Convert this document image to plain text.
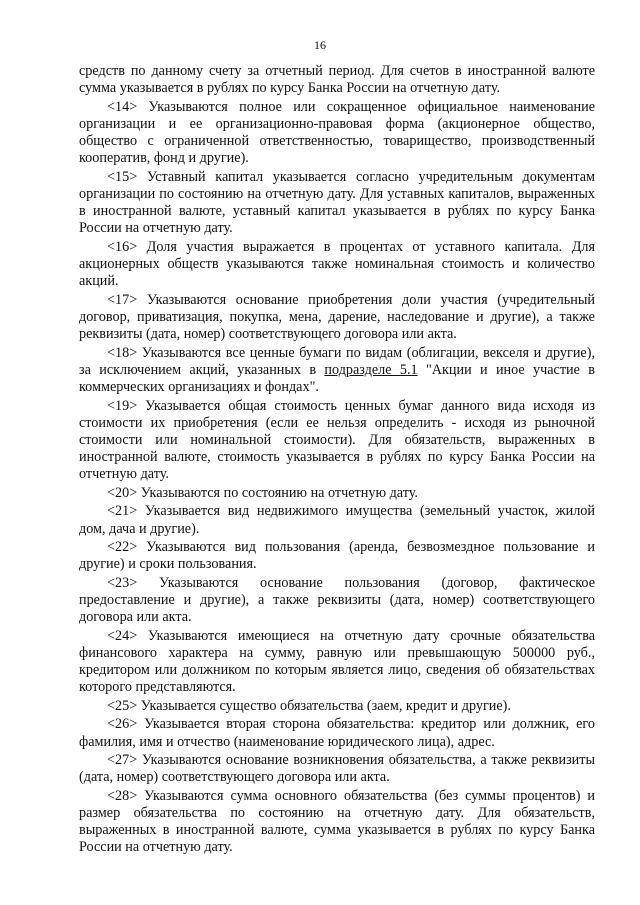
16

средств по данному счету за отчетный период. Для счетов в иностранной валюте сумма указывается в рублях по курсу Банка России на отчетную дату.

<14> Указываются полное или сокращенное официальное наименование организации и ее организационно-правовая форма (акционерное общество, общество с ограниченной ответственностью, товарищество, производственный кооператив, фонд и другие).

<15> Уставный капитал указывается согласно учредительным документам организации по состоянию на отчетную дату. Для уставных капиталов, выраженных в иностранной валюте, уставный капитал указывается в рублях по курсу Банка России на отчетную дату.

<16> Доля участия выражается в процентах от уставного капитала. Для акционерных обществ указываются также номинальная стоимость и количество акций.

<17> Указываются основание приобретения доли участия (учредительный договор, приватизация, покупка, мена, дарение, наследование и другие), а также реквизиты (дата, номер) соответствующего договора или акта.

<18> Указываются все ценные бумаги по видам (облигации, векселя и другие), за исключением акций, указанных в подразделе 5.1 "Акции и иное участие в коммерческих организациях и фондах".

<19> Указывается общая стоимость ценных бумаг данного вида исходя из стоимости их приобретения (если ее нельзя определить - исходя из рыночной стоимости или номинальной стоимости). Для обязательств, выраженных в иностранной валюте, стоимость указывается в рублях по курсу Банка России на отчетную дату.

<20> Указываются по состоянию на отчетную дату.

<21> Указывается вид недвижимого имущества (земельный участок, жилой дом, дача и другие).

<22> Указываются вид пользования (аренда, безвозмездное пользование и другие) и сроки пользования.

<23> Указываются основание пользования (договор, фактическое предоставление и другие), а также реквизиты (дата, номер) соответствующего договора или акта.

<24> Указываются имеющиеся на отчетную дату срочные обязательства финансового характера на сумму, равную или превышающую 500000 руб., кредитором или должником по которым является лицо, сведения об обязательствах которого представляются.

<25> Указывается существо обязательства (заем, кредит и другие).

<26> Указывается вторая сторона обязательства: кредитор или должник, его фамилия, имя и отчество (наименование юридического лица), адрес.

<27> Указываются основание возникновения обязательства, а также реквизиты (дата, номер) соответствующего договора или акта.

<28> Указываются сумма основного обязательства (без суммы процентов) и размер обязательства по состоянию на отчетную дату. Для обязательств, выраженных в иностранной валюте, сумма указывается в рублях по курсу Банка России на отчетную дату.
